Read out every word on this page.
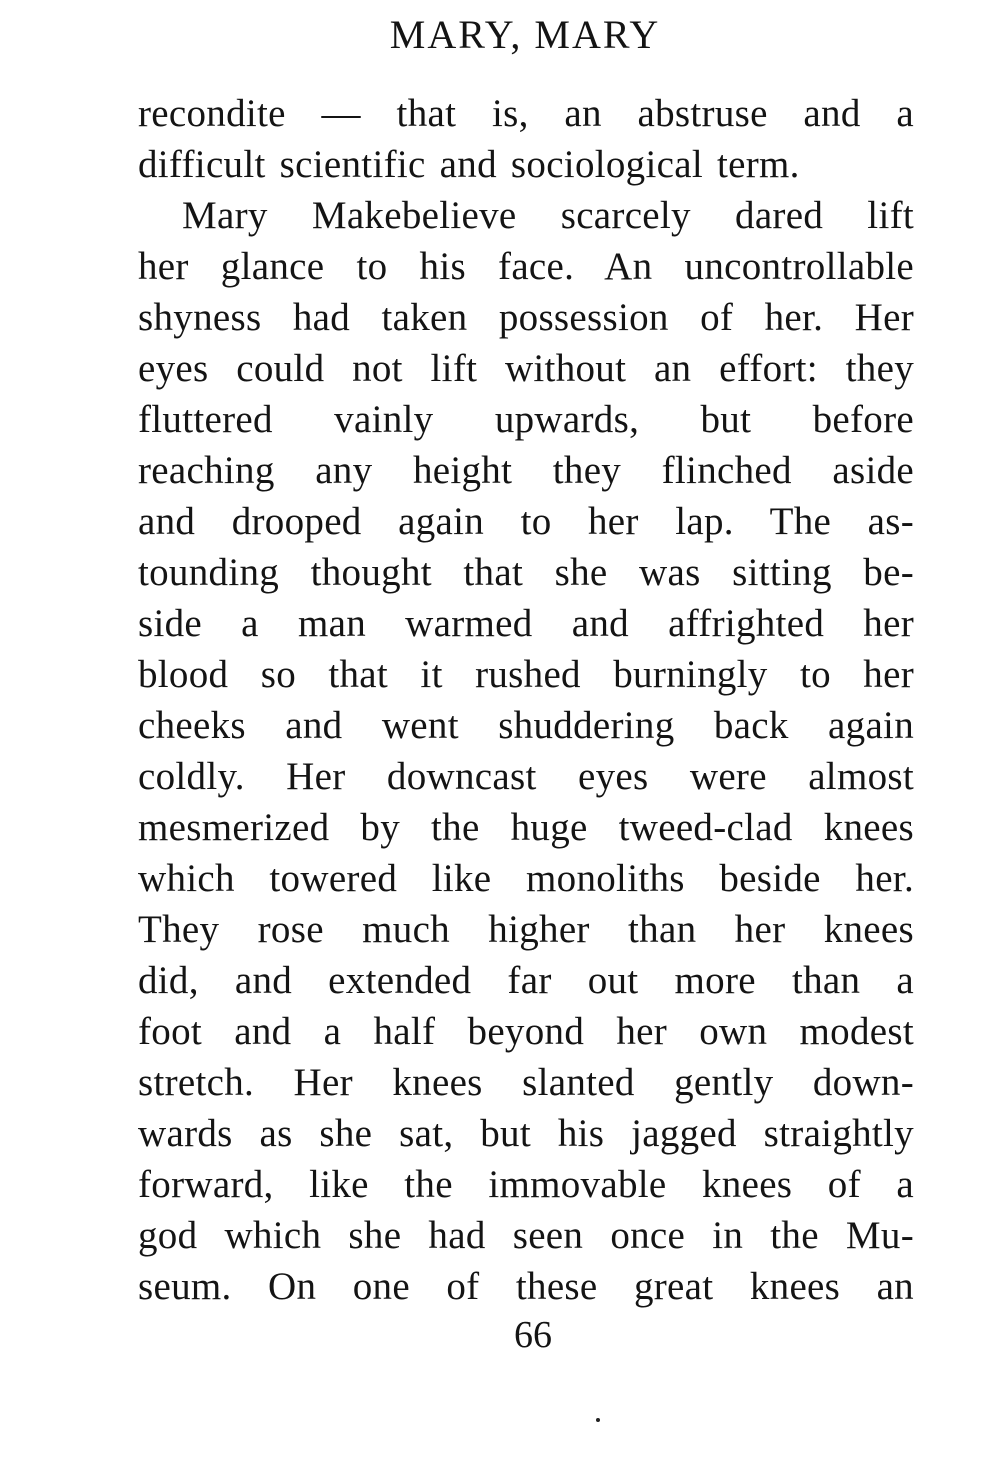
MARY, MARY
recondite — that is, an abstruse and a
difficult scientific and sociological term.
Mary Makebelieve scarcely dared lift
her glance to his face. An uncontrollable
shyness had taken possession of her. Her
eyes could not lift without an effort: they
fluttered vainly upwards, but before
reaching any height they flinched aside
and drooped again to her lap. The as-
tounding thought that she was sitting be-
side a man warmed and affrighted her
blood so that it rushed burningly to her
cheeks and went shuddering back again
coldly. Her downcast eyes were almost
mesmerized by the huge tweed-clad knees
which towered like monoliths beside her.
They rose much higher than her knees
did, and extended far out more than a
foot and a half beyond her own modest
stretch. Her knees slanted gently down-
wards as she sat, but his jagged straightly
forward, like the immovable knees of a
god which she had seen once in the Mu-
seum. On one of these great knees an
66
